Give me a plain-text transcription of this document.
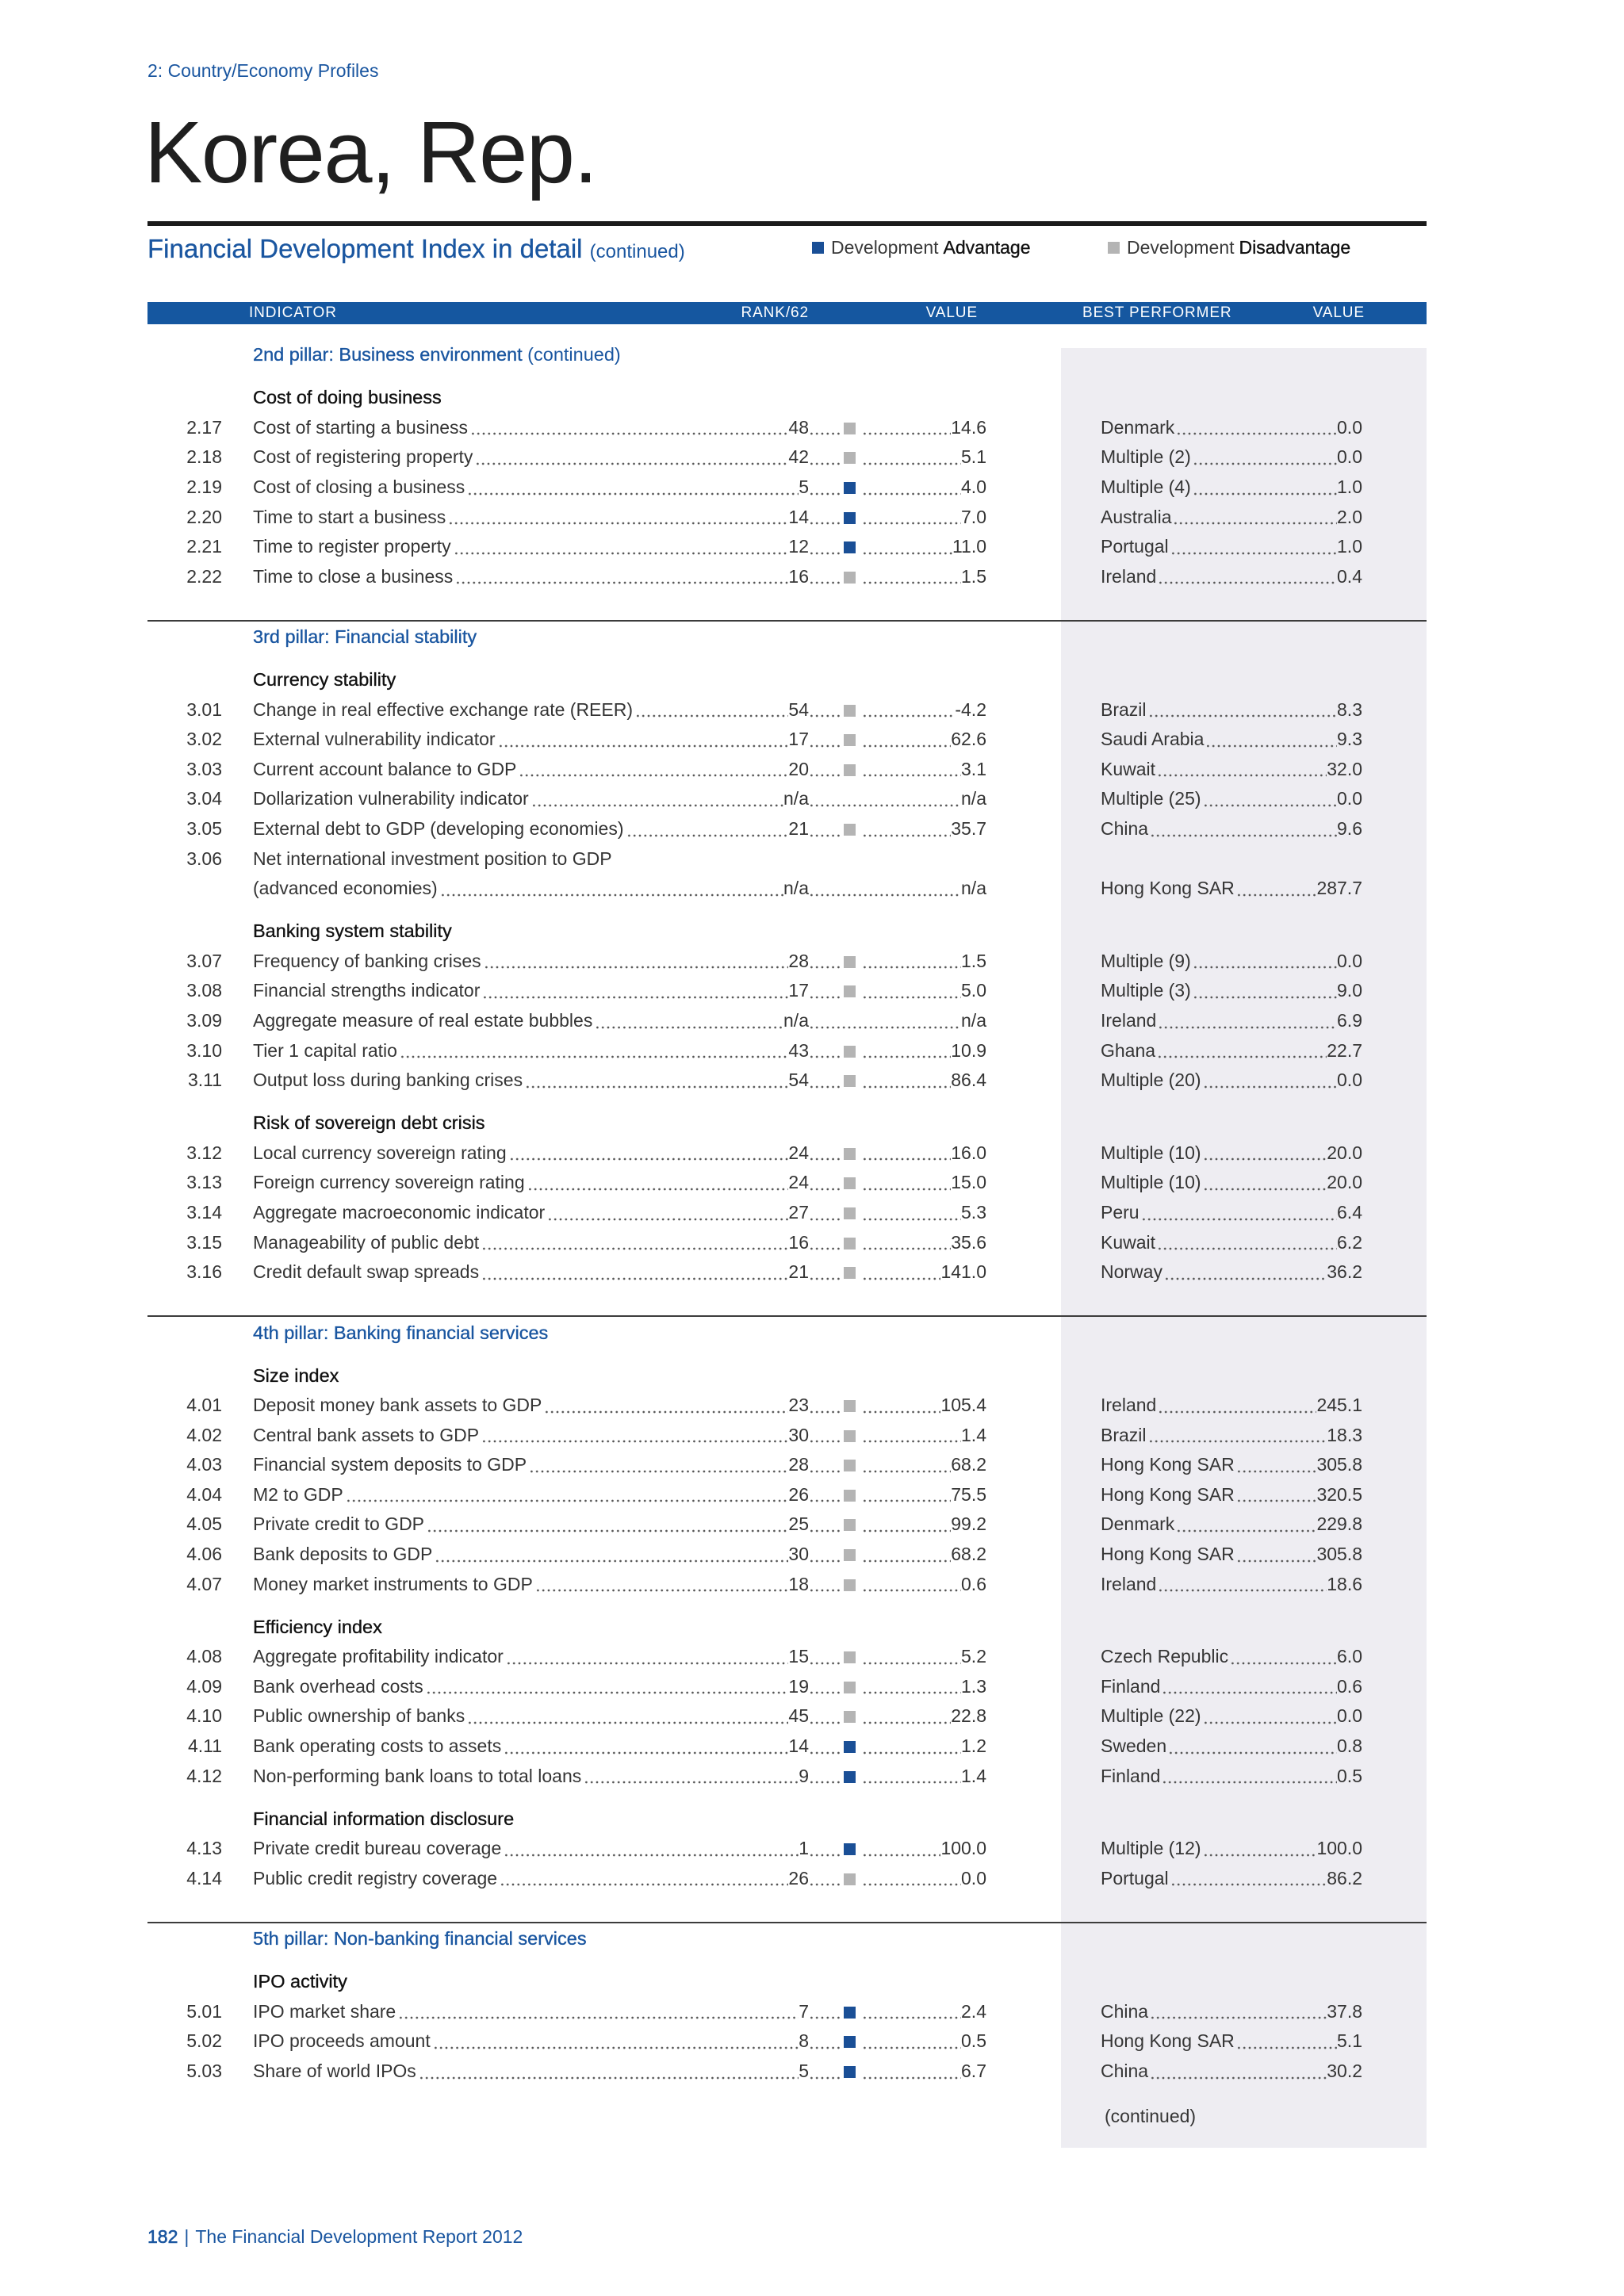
2: Country/Economy Profiles
Korea, Rep.
Financial Development Index in detail (continued)	Development Advantage	Development Disadvantage
INDICATOR	RANK/62	VALUE	BEST PERFORMER	VALUE
2nd pillar: Business environment (continued)
Cost of doing business
2.17 Cost of starting a business	48	14.6	Denmark	0.0
2.18 Cost of registering property	42	5.1	Multiple (2)	0.0
2.19 Cost of closing a business	5	4.0	Multiple (4)	1.0
2.20 Time to start a business	14	7.0	Australia	2.0
2.21 Time to register property	12	11.0	Portugal	1.0
2.22 Time to close a business	16	1.5	Ireland	0.4
3rd pillar: Financial stability
Currency stability
3.01 Change in real effective exchange rate (REER)	54	-4.2	Brazil	8.3
3.02 External vulnerability indicator	17	62.6	Saudi Arabia	9.3
3.03 Current account balance to GDP	20	3.1	Kuwait	32.0
3.04 Dollarization vulnerability indicator	n/a	n/a	Multiple (25)	0.0
3.05 External debt to GDP (developing economies)	21	35.7	China	9.6
3.06 Net international investment position to GDP
(advanced economies)	n/a	n/a	Hong Kong SAR	287.7
Banking system stability
3.07 Frequency of banking crises	28	1.5	Multiple (9)	0.0
3.08 Financial strengths indicator	17	5.0	Multiple (3)	9.0
3.09 Aggregate measure of real estate bubbles	n/a	n/a	Ireland	6.9
3.10 Tier 1 capital ratio	43	10.9	Ghana	22.7
3.11 Output loss during banking crises	54	86.4	Multiple (20)	0.0
Risk of sovereign debt crisis
3.12 Local currency sovereign rating	24	16.0	Multiple (10)	20.0
3.13 Foreign currency sovereign rating	24	15.0	Multiple (10)	20.0
3.14 Aggregate macroeconomic indicator	27	5.3	Peru	6.4
3.15 Manageability of public debt	16	35.6	Kuwait	6.2
3.16 Credit default swap spreads	21	141.0	Norway	36.2
4th pillar: Banking financial services
Size index
4.01 Deposit money bank assets to GDP	23	105.4	Ireland	245.1
4.02 Central bank assets to GDP	30	1.4	Brazil	18.3
4.03 Financial system deposits to GDP	28	68.2	Hong Kong SAR	305.8
4.04 M2 to GDP	26	75.5	Hong Kong SAR	320.5
4.05 Private credit to GDP	25	99.2	Denmark	229.8
4.06 Bank deposits to GDP	30	68.2	Hong Kong SAR	305.8
4.07 Money market instruments to GDP	18	0.6	Ireland	18.6
Efficiency index
4.08 Aggregate profitability indicator	15	5.2	Czech Republic	6.0
4.09 Bank overhead costs	19	1.3	Finland	0.6
4.10 Public ownership of banks	45	22.8	Multiple (22)	0.0
4.11 Bank operating costs to assets	14	1.2	Sweden	0.8
4.12 Non-performing bank loans to total loans	9	1.4	Finland	0.5
Financial information disclosure
4.13 Private credit bureau coverage	1	100.0	Multiple (12)	100.0
4.14 Public credit registry coverage	26	0.0	Portugal	86.2
5th pillar: Non-banking financial services
IPO activity
5.01 IPO market share	7	2.4	China	37.8
5.02 IPO proceeds amount	8	0.5	Hong Kong SAR	5.1
5.03 Share of world IPOs	5	6.7	China	30.2
(continued)
182 | The Financial Development Report 2012
